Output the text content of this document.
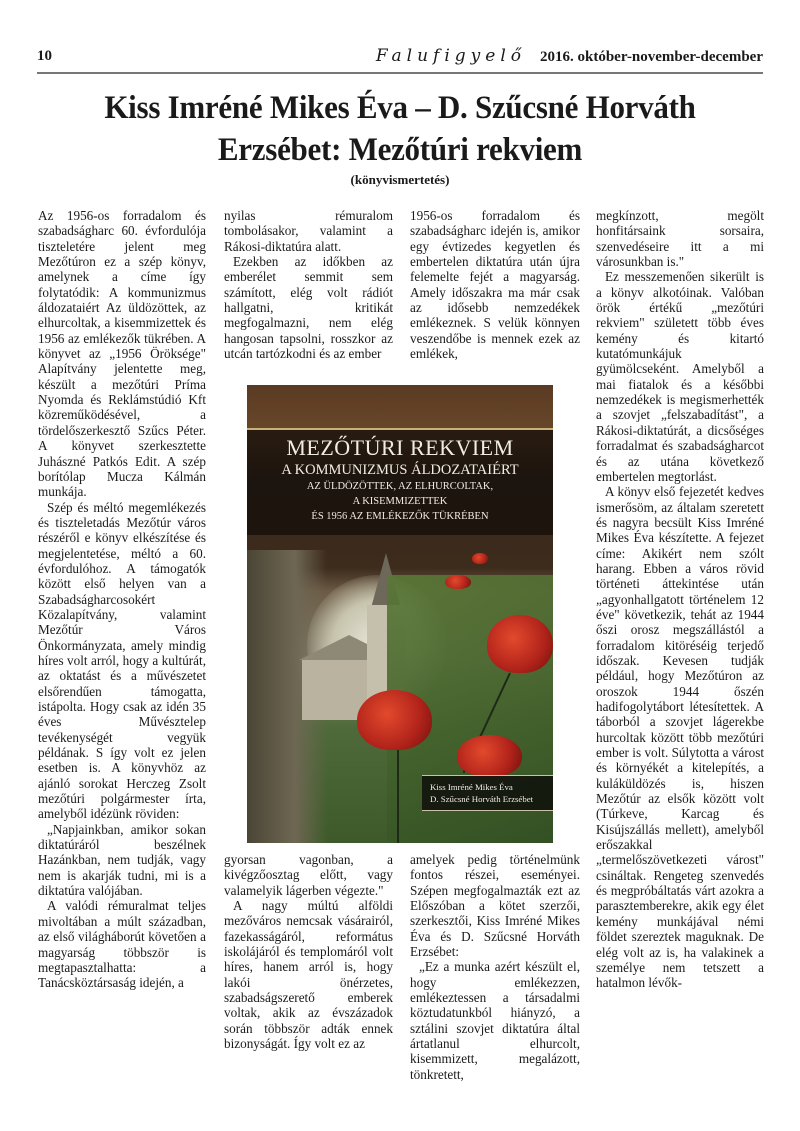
10	Falufigyelő 2016. október-november-december
Kiss Imréné Mikes Éva – D. Szűcsné Horváth
Erzsébet: Mezőtúri rekviem
(könyvismertetés)

Az 1956-os forradalom és szabadságharc 60. évfordulója tiszteletére jelent meg Mezőtúron ez a szép könyv, amelynek a címe így folytatódik: A kommunizmus áldozataiért Az üldözöttek, az elhurcoltak, a kisemmizettek és 1956 az emlékezők tükrében. A könyvet az „1956 Öröksége" Alapítvány jelentette meg, készült a mezőtúri Príma Nyomda és Reklámstúdió Kft közreműködésével, a tördelőszerkesztő Szűcs Péter. A könyvet szerkesztette Juhászné Patkós Edit. A szép borítólap Mucza Kálmán munkája.

Szép és méltó megemlékezés és tiszteletadás Mezőtúr város részéről e könyv elkészítése és megjelentetése, méltó a 60. évfordulóhoz. A támogatók között első helyen van a Szabadságharcosokért Közalapítvány, valamint Mezőtúr Város Önkormányzata, amely mindig híres volt arról, hogy a kultúrát, az oktatást és a művészetet elsőrendűen támogatta, istápolta. Hogy csak az idén 35 éves Művésztelep tevékenységét vegyük példának. S így volt ez jelen esetben is. A könyvhöz az ajánló sorokat Herczeg Zsolt mezőtúri polgármester írta, amelyből idézünk röviden:

„Napjainkban, amikor sokan diktatúráról beszélnek Hazánkban, nem tudják, vagy nem is akarják tudni, mi is a diktatúra valójában.

A valódi rémuralmat teljes mivoltában a múlt században, az első világháborút követően a magyarság többször is megtapasztalhatta: a Tanácsköztársaság idején, a

nyilas rémuralom tombolásakor, valamint a Rákosi-diktatúra alatt.

Ezekben az időkben az emberélet semmit sem számított, elég volt rádiót hallgatni, kritikát megfogalmazni, nem elég hangosan tapsolni, rosszkor az utcán tartózkodni és az ember

1956-os forradalom és szabadságharc idején is, amikor egy évtizedes kegyetlen és embertelen diktatúra után újra felemelte fejét a magyarság. Amely időszakra ma már csak az idősebb nemzedékek emlékeznek. S velük könnyen veszendőbe is mennek ezek az emlékek,

megkínzott, megölt honfitársaink sorsaira, szenvedéseire itt a mi városunkban is."

Ez messzemenően sikerült is a könyv alkotóinak. Valóban örök értékű „mezőtúri rekviem" született több éves kemény és kitartó kutatómunkájuk gyümölcseként. Amelyből a mai fiatalok és a későbbi nemzedékek is megismerhették a szovjet „felszabadítást", a Rákosi-diktatúrát, a dicsőséges forradalmat és szabadságharcot és az utána következő embertelen megtorlást.

A könyv első fejezetét kedves ismerősöm, az általam szeretett és nagyra becsült Kiss Imréné Mikes Éva készítette. A fejezet címe: Akikért nem szólt harang. Ebben a város rövid történeti áttekintése után „agyonhallgatott történelem 12 éve" következik, tehát az 1944 őszi orosz megszállástól a forradalom kitöréséig terjedő időszak. Kevesen tudják például, hogy Mezőtúron az oroszok 1944 őszén hadifogolytábort létesítettek. A táborból a szovjet lágerekbe hurcoltak között több mezőtúri ember is volt. Súlytotta a várost és környékét a kitelepítés, a kuláküldözés is, hiszen Mezőtúr az elsők között volt (Túrkeve, Karcag és Kisújszállás mellett), amelyből erőszakkal „termelőszövetkezeti várost" csináltak. Rengeteg szenvedés és megpróbáltatás várt azokra a parasztemberekre, akik egy élet kemény munkájával némi földet szereztek maguknak. De elég volt az is, ha valakinek a személye nem tetszett a hatalmon lévők-

MEZŐTÚRI REKVIEM
A KOMMUNIZMUS ÁLDOZATAIÉRT
AZ ÜLDÖZÖTTEK, AZ ELHURCOLTAK,
A KISEMMIZETTEK
ÉS 1956 AZ EMLÉKEZŐK TÜKRÉBEN
Kiss Imréné Mikes Éva
D. Szűcsné Horváth Erzsébet

gyorsan vagonban, a kivégzőosztag előtt, vagy valamelyik lágerben végezte."

A nagy múltú alföldi mezőváros nemcsak vásárairól, fazekasságáról, református iskolájáról és templomáról volt híres, hanem arról is, hogy lakói önérzetes, szabadságszerető emberek voltak, akik az évszázadok során többször adták ennek bizonyságát. Így volt ez az

amelyek pedig történelmünk fontos részei, eseményei. Szépen megfogalmazták ezt az Előszóban a kötet szerzői, szerkesztői, Kiss Imréné Mikes Éva és D. Szűcsné Horváth Erzsébet:

„Ez a munka azért készült el, hogy emlékezzen, emlékeztessen a társadalmi köztudatunkból hiányzó, a sztálini szovjet diktatúra által ártatlanul elhurcolt, kisemmizett, megalázott, tönkretett,
